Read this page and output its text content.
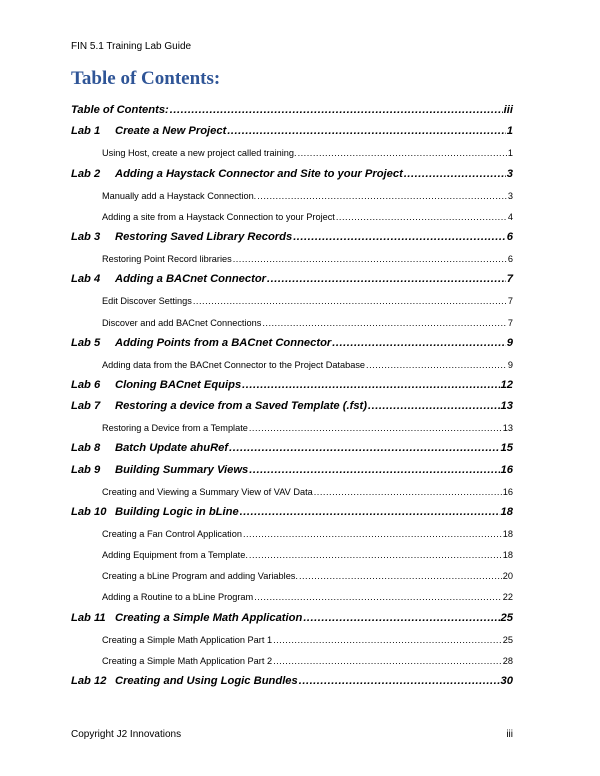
FIN 5.1 Training Lab Guide
Table of Contents:
Table of Contents: .....	iii
Lab 1	Create a New Project .....	1
Using Host, create a new project called training. .....	1
Lab 2	Adding a Haystack Connector and Site to your Project .....	3
Manually add a Haystack Connection. .....	3
Adding a site from a Haystack Connection to your Project .....	4
Lab 3	Restoring Saved Library Records .....	6
Restoring Point Record libraries .....	6
Lab 4	Adding a BACnet Connector .....	7
Edit Discover Settings .....	7
Discover and add BACnet Connections .....	7
Lab 5	Adding Points from a BACnet Connector .....	9
Adding data from the BACnet Connector to the Project Database .....	9
Lab 6	Cloning BACnet Equips .....	12
Lab 7	Restoring a device from a Saved Template (.fst) .....	13
Restoring a Device from a Template .....	13
Lab 8	Batch Update ahuRef .....	15
Lab 9	Building Summary Views .....	16
Creating and Viewing a Summary View of VAV Data .....	16
Lab 10 Building Logic in bLine .....	18
Creating a Fan Control Application .....	18
Adding Equipment from a Template. .....	18
Creating a bLine Program and adding Variables. .....	20
Adding a Routine to a bLine Program .....	22
Lab 11 Creating a Simple Math Application .....	25
Creating a Simple Math Application Part 1 .....	25
Creating a Simple Math Application Part 2 .....	28
Lab 12 Creating and Using Logic Bundles .....	30
Copyright J2 Innovations	iii
